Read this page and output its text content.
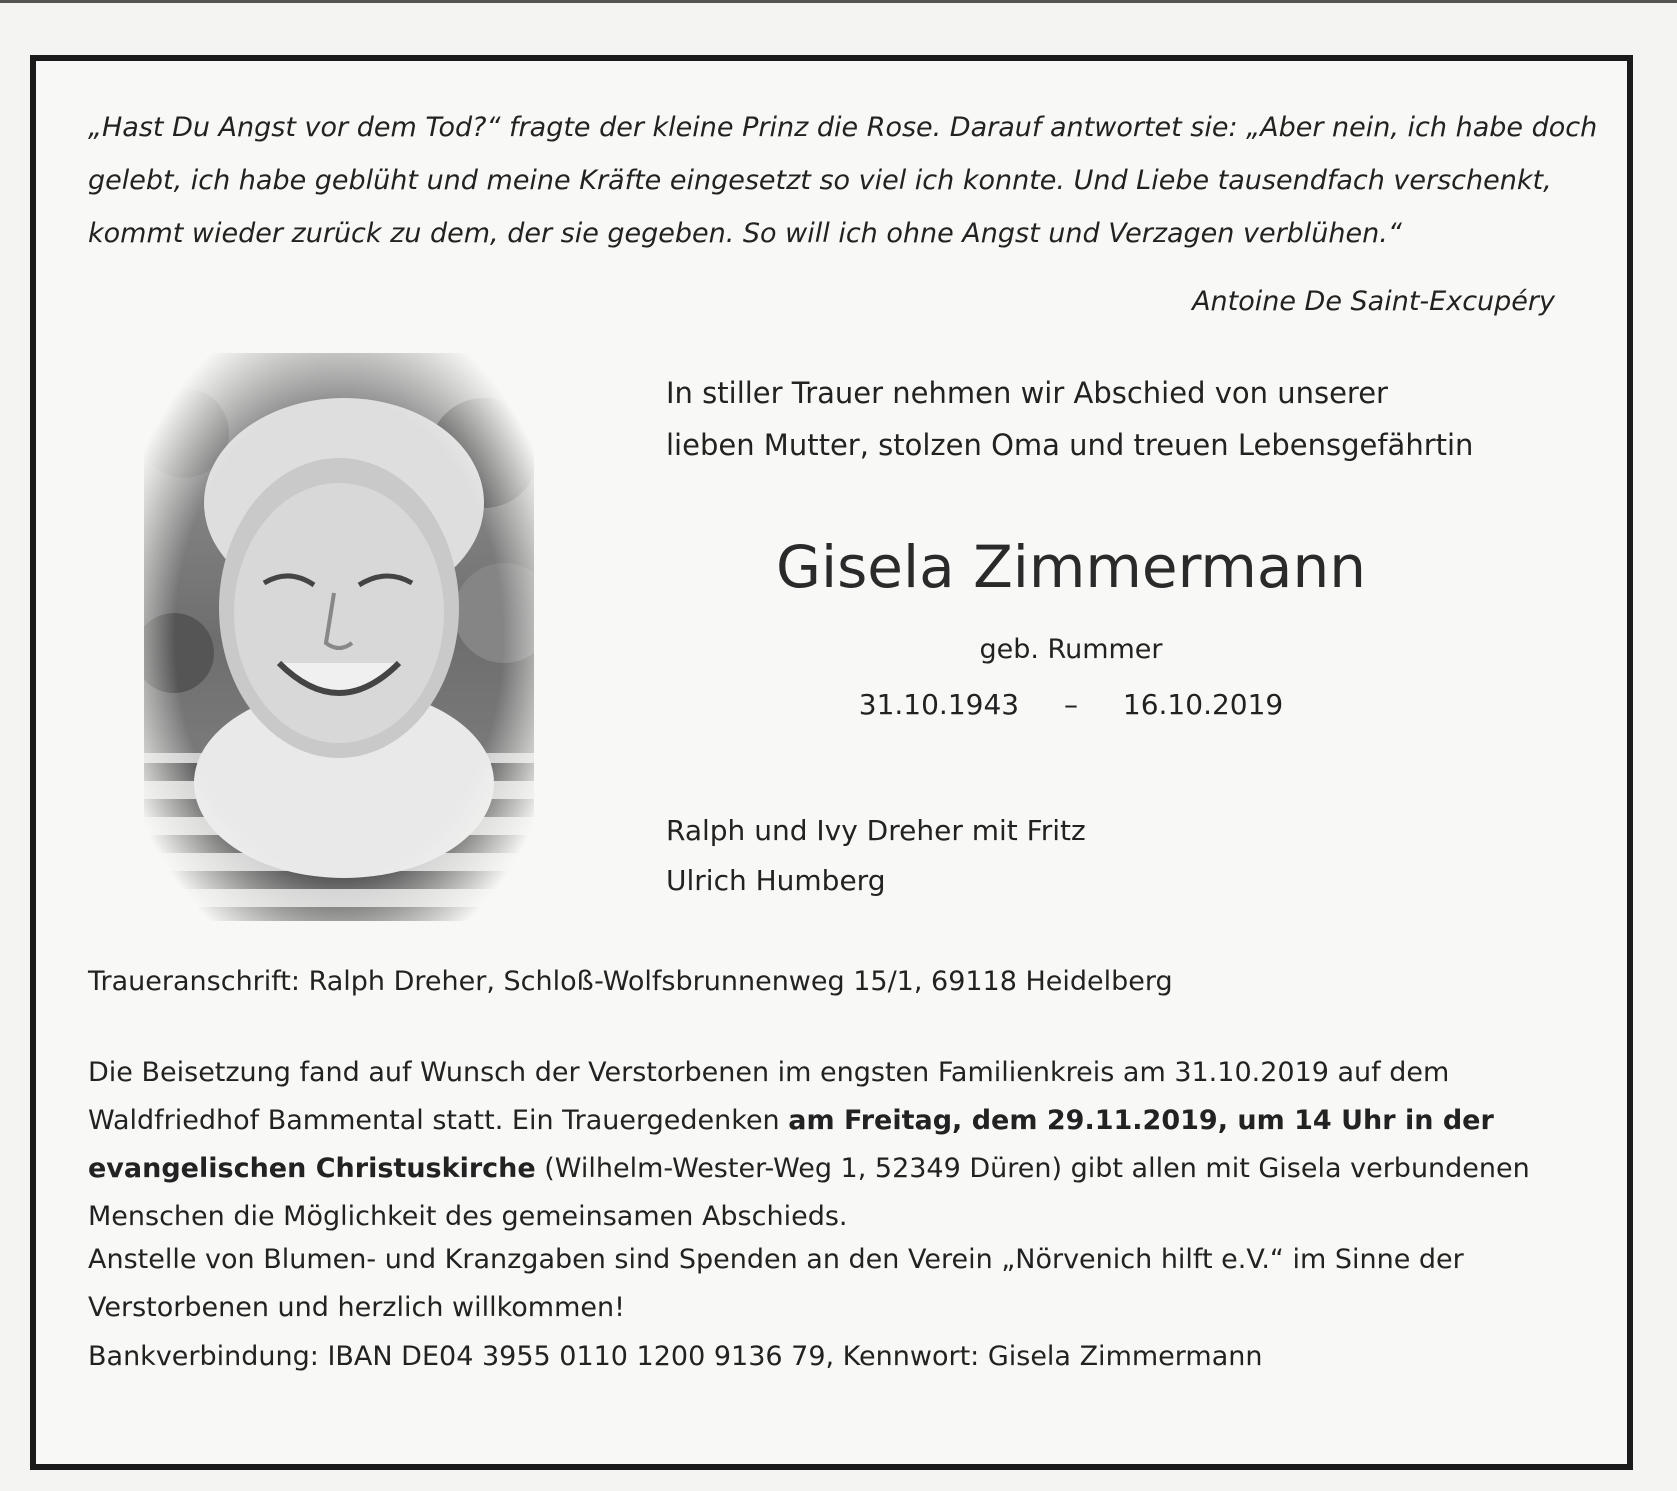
„Hast Du Angst vor dem Tod?“ fragte der kleine Prinz die Rose. Darauf antwortet sie: „Aber nein, ich habe doch gelebt, ich habe geblüht und meine Kräfte eingesetzt so viel ich konnte. Und Liebe tausendfach verschenkt, kommt wieder zurück zu dem, der sie gegeben. So will ich ohne Angst und Verzagen verblühen.“

Antoine De Saint-Excupéry
In stiller Trauer nehmen wir Abschied von unserer
lieben Mutter, stolzen Oma und treuen Lebensgefährtin
Gisela Zimmermann
geb. Rummer
31.10.1943 – 16.10.2019
Ralph und Ivy Dreher mit Fritz
Ulrich Humberg
Traueranschrift: Ralph Dreher, Schloß-Wolfsbrunnenweg 15/1, 69118 Heidelberg

Die Beisetzung fand auf Wunsch der Verstorbenen im engsten Familienkreis am 31.10.2019 auf dem Waldfriedhof Bammental statt. Ein Trauergedenken am Freitag, dem 29.11.2019, um 14 Uhr in der evangelischen Christuskirche (Wilhelm-Wester-Weg 1, 52349 Düren) gibt allen mit Gisela verbundenen Menschen die Möglichkeit des gemeinsamen Abschieds.

Anstelle von Blumen- und Kranzgaben sind Spenden an den Verein „Nörvenich hilft e.V.“ im Sinne der Verstorbenen und herzlich willkommen!

Bankverbindung: IBAN DE04 3955 0110 1200 9136 79, Kennwort: Gisela Zimmermann
